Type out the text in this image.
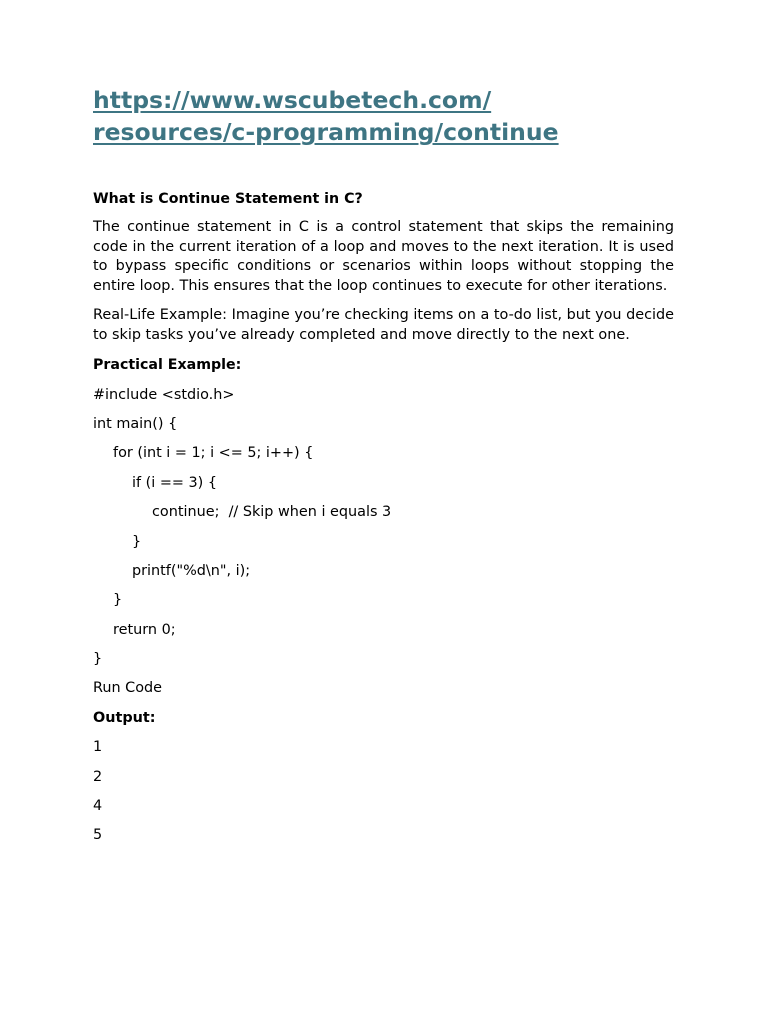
https://www.wscubetech.com/
resources/c-programming/continue

What is Continue Statement in C?

The continue statement in C is a control statement that skips the remaining code in the current iteration of a loop and moves to the next iteration. It is used to bypass specific conditions or scenarios within loops without stopping the entire loop. This ensures that the loop continues to execute for other iterations.

Real-Life Example: Imagine you’re checking items on a to-do list, but you decide to skip tasks you’ve already completed and move directly to the next one.

Practical Example:

#include <stdio.h>

int main() {

for (int i = 1; i <= 5; i++) {

if (i == 3) {

continue;  // Skip when i equals 3

}

printf("%d\n", i);

}

return 0;

}

Run Code

Output:

1

2

4

5
